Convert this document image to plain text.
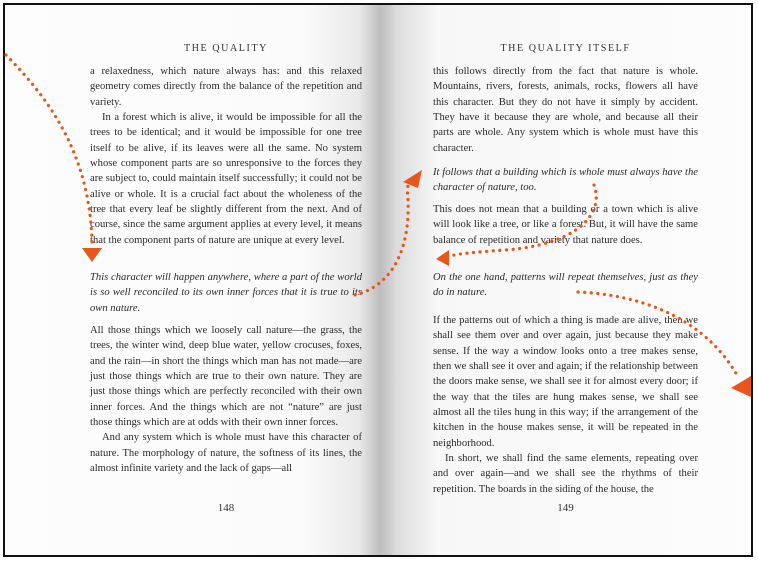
THE QUALITY

a relaxedness, which nature always has: and this relaxed geometry comes directly from the balance of the repetition and variety.

In a forest which is alive, it would be impossible for all the trees to be identical; and it would be impossible for one tree itself to be alive, if its leaves were all the same. No system whose component parts are so unresponsive to the forces they are subject to, could maintain itself successfully; it could not be alive or whole. It is a crucial fact about the wholeness of the tree that every leaf be slightly different from the next. And of course, since the same argument applies at every level, it means that the component parts of nature are unique at every level.

This character will happen anywhere, where a part of the world is so well reconciled to its own inner forces that it is true to its own nature.

All those things which we loosely call nature—the grass, the trees, the winter wind, deep blue water, yellow crocuses, foxes, and the rain—in short the things which man has not made—are just those things which are true to their own nature. They are just those things which are perfectly reconciled with their own inner forces. And the things which are not “nature” are just those things which are at odds with their own inner forces.

And any system which is whole must have this character of nature. The morphology of nature, the softness of its lines, the almost infinite variety and the lack of gaps—all

148
THE QUALITY ITSELF

this follows directly from the fact that nature is whole. Mountains, rivers, forests, animals, rocks, flowers all have this character. But they do not have it simply by accident. They have it because they are whole, and because all their parts are whole. Any system which is whole must have this character.

It follows that a building which is whole must always have the character of nature, too.

This does not mean that a building or a town which is alive will look like a tree, or like a forest. But, it will have the same balance of repetition and variety that nature does.

On the one hand, patterns will repeat themselves, just as they do in nature.

If the patterns out of which a thing is made are alive, then we shall see them over and over again, just because they make sense. If the way a window looks onto a tree makes sense, then we shall see it over and again; if the relationship between the doors make sense, we shall see it for almost every door; if the way that the tiles are hung makes sense, we shall see almost all the tiles hung in this way; if the arrangement of the kitchen in the house makes sense, it will be repeated in the neighborhood.

In short, we shall find the same elements, repeating over and over again—and we shall see the rhythms of their repetition. The boards in the siding of the house, the

149
